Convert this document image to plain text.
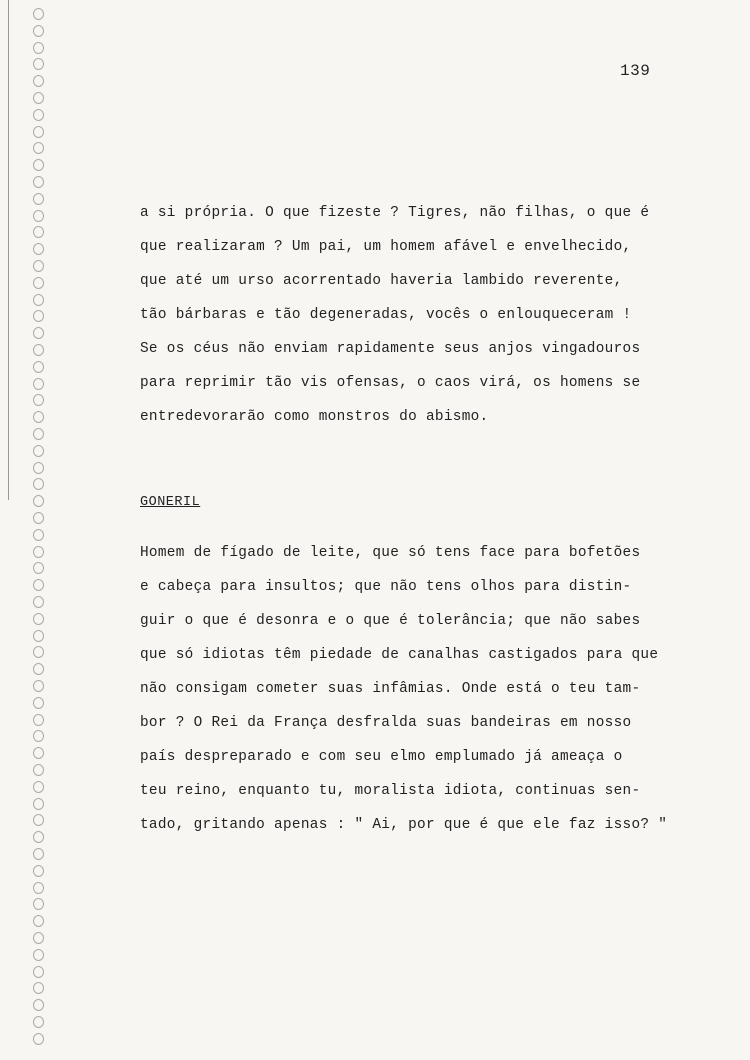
139
a si própria. O que fizeste ? Tigres, não filhas, o que é
que realizaram ? Um pai, um homem afável e envelhecido,
que até um urso acorrentado haveria lambido reverente,
tão bárbaras e tão degeneradas, vocês o enlouqueceram !
Se os céus não enviam rapidamente seus anjos vingadouros
para reprimir tão vis ofensas, o caos virá, os homens se
entredevorarão como monstros do abismo.
GONERIL
Homem de fígado de leite, que só tens face para bofetões
e cabeça para insultos; que não tens olhos para distin-
guir o que é desonra e o que é tolerância; que não sabes
que só idiotas têm piedade de canalhas castigados para que
não consigam cometer suas infâmias. Onde está o teu tam-
bor ? O Rei da França desfralda suas bandeiras em nosso
país despreparado e com seu elmo emplumado já ameaça o
teu reino, enquanto tu, moralista idiota, continuas sen-
tado, gritando apenas : " Ai, por que é que ele faz isso? "
